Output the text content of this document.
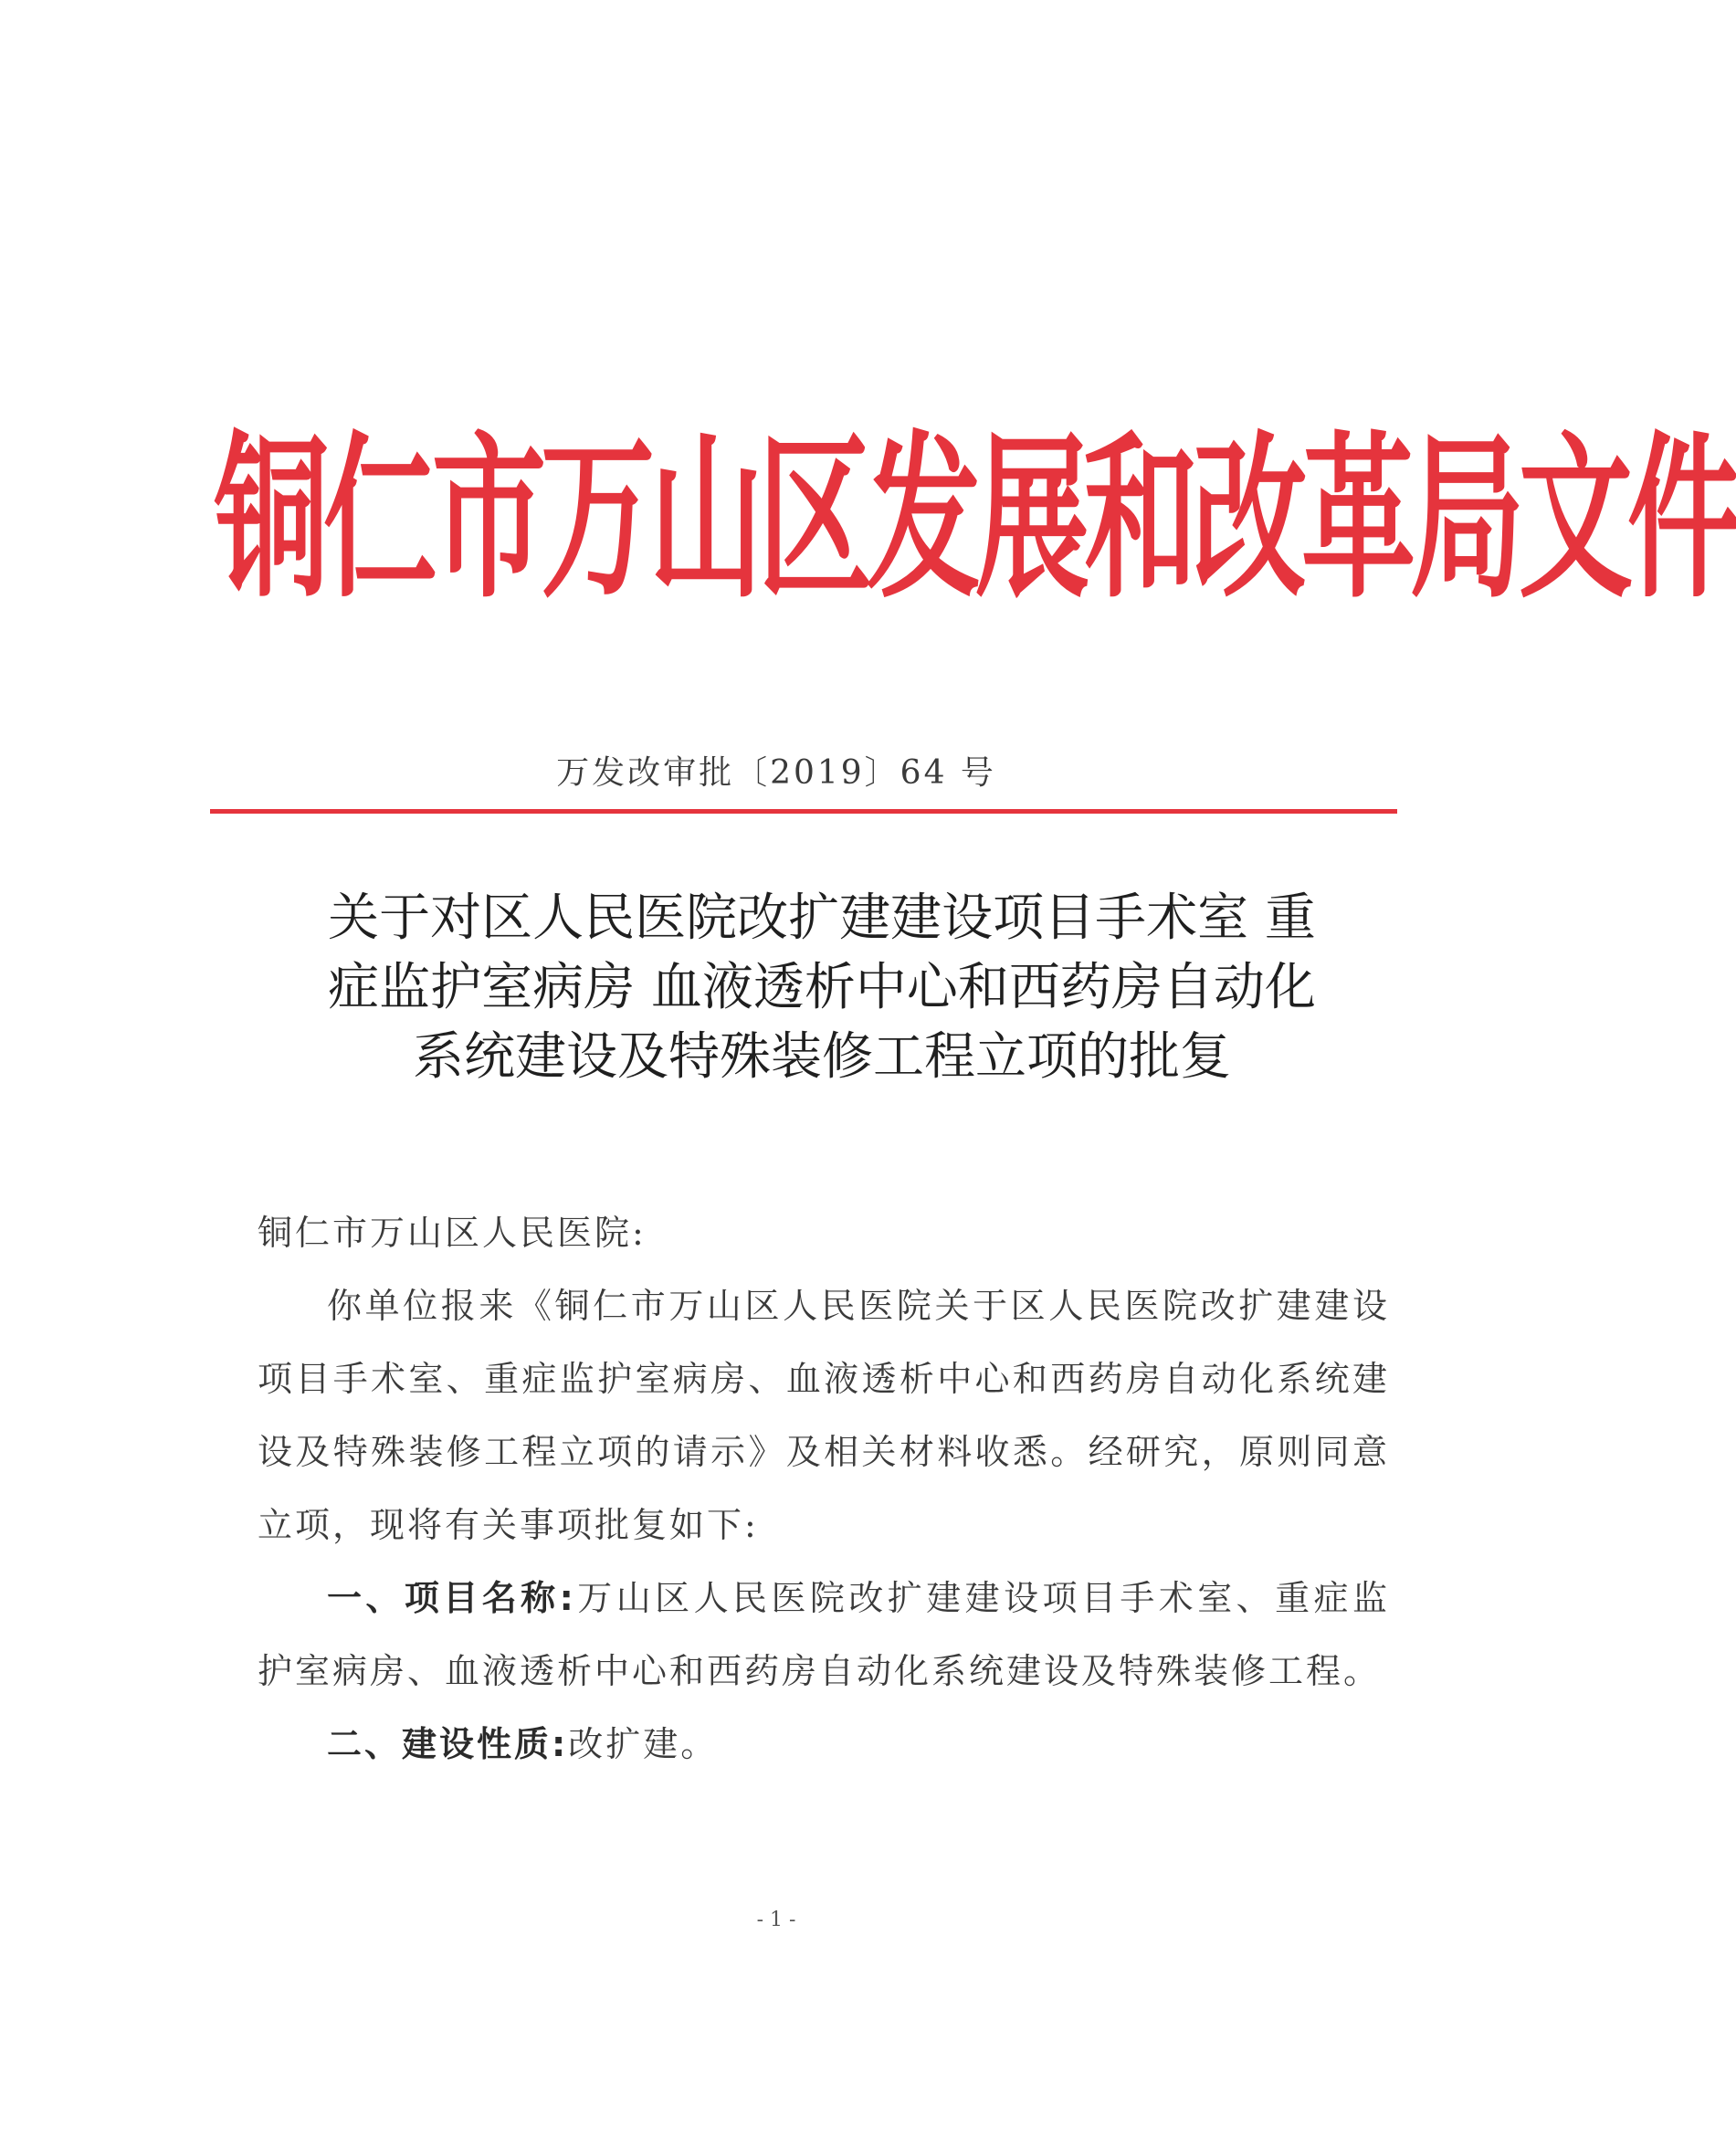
铜仁市万山区发展和改革局文件
万发改审批〔2019〕64 号
关于对区人民医院改扩建建设项目手术室 重
症监护室病房 血液透析中心和西药房自动化
系统建设及特殊装修工程立项的批复

铜仁市万山区人民医院:

你单位报来《铜仁市万山区人民医院关于区人民医院改扩建建设项目手术室、重症监护室病房、血液透析中心和西药房自动化系统建设及特殊装修工程立项的请示》及相关材料收悉。经研究，原则同意立项，现将有关事项批复如下:

一、项目名称:万山区人民医院改扩建建设项目手术室、重症监护室病房、血液透析中心和西药房自动化系统建设及特殊装修工程。

二、建设性质:改扩建。

- 1 -
